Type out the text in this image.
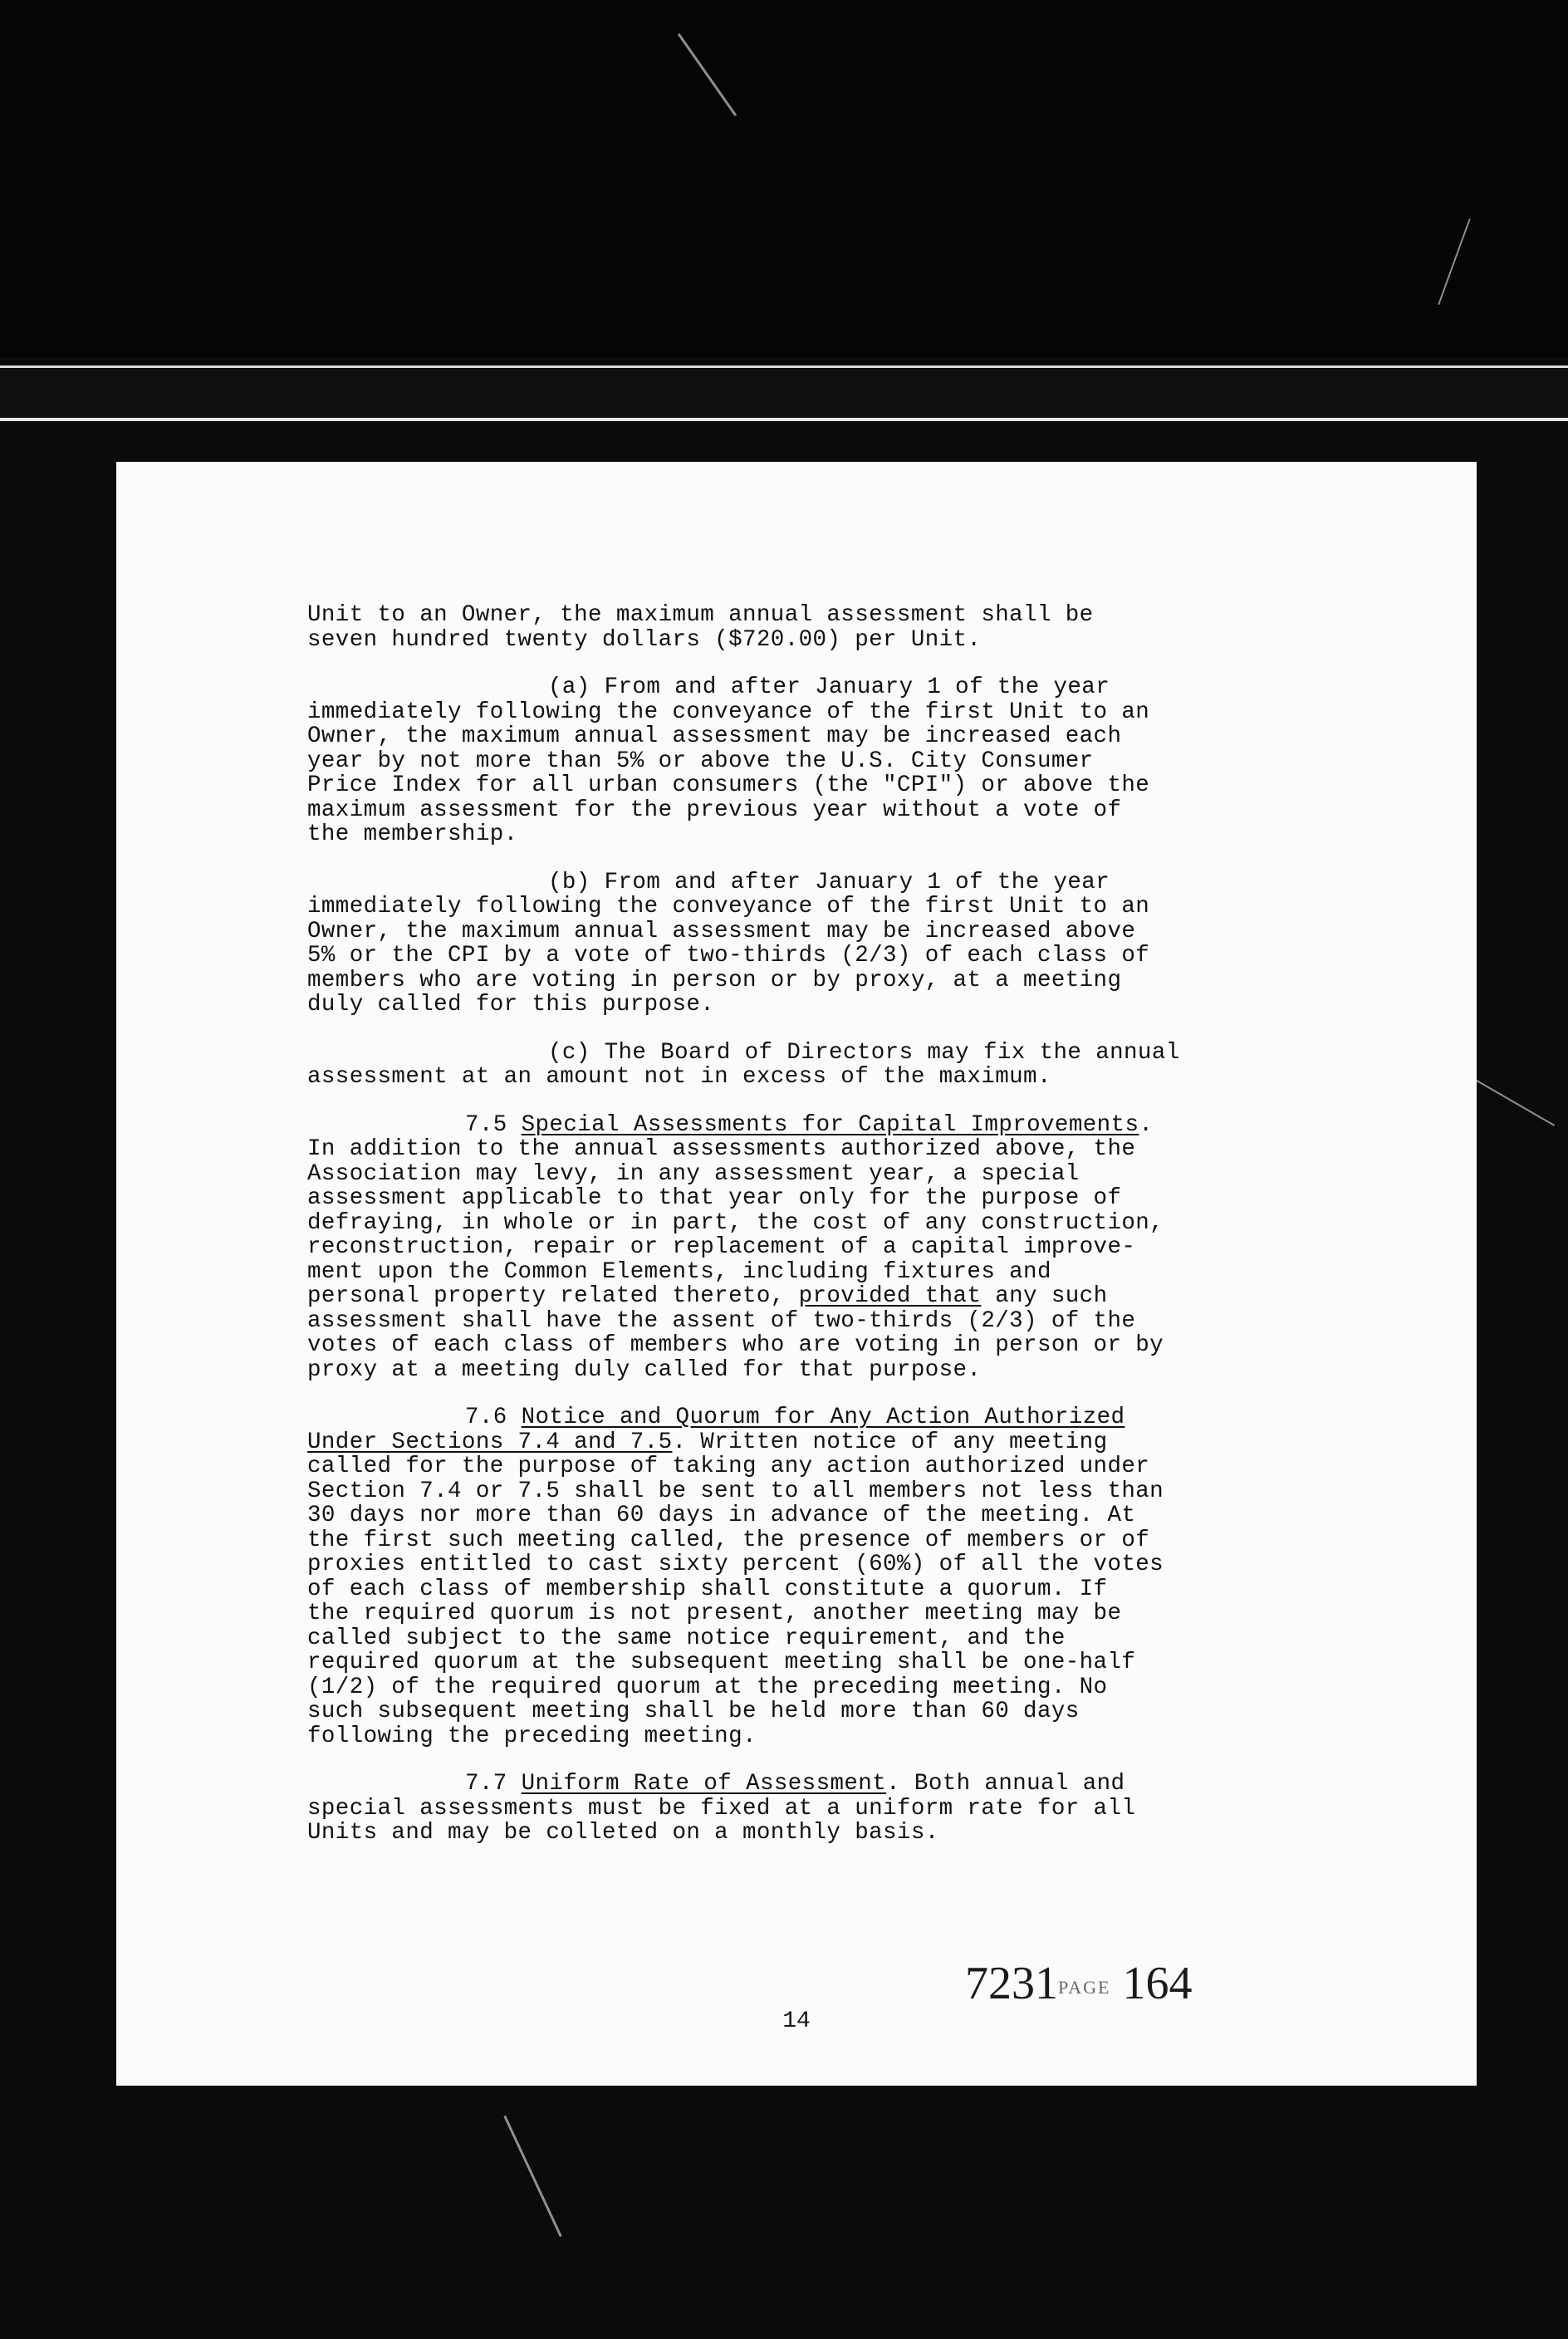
Unit to an Owner, the maximum annual assessment shall be
seven hundred twenty dollars ($720.00) per Unit.

(a) From and after January 1 of the year
immediately following the conveyance of the first Unit to an
Owner, the maximum annual assessment may be increased each
year by not more than 5% or above the U.S. City Consumer
Price Index for all urban consumers (the "CPI") or above the
maximum assessment for the previous year without a vote of
the membership.

(b) From and after January 1 of the year
immediately following the conveyance of the first Unit to an
Owner, the maximum annual assessment may be increased above
5% or the CPI by a vote of two-thirds (2/3) of each class of
members who are voting in person or by proxy, at a meeting
duly called for this purpose.

(c) The Board of Directors may fix the annual
assessment at an amount not in excess of the maximum.

7.5 Special Assessments for Capital Improvements.
In addition to the annual assessments authorized above, the
Association may levy, in any assessment year, a special
assessment applicable to that year only for the purpose of
defraying, in whole or in part, the cost of any construction,
reconstruction, repair or replacement of a capital improve-
ment upon the Common Elements, including fixtures and
personal property related thereto, provided that any such
assessment shall have the assent of two-thirds (2/3) of the
votes of each class of members who are voting in person or by
proxy at a meeting duly called for that purpose.

7.6 Notice and Quorum for Any Action Authorized
Under Sections 7.4 and 7.5. Written notice of any meeting
called for the purpose of taking any action authorized under
Section 7.4 or 7.5 shall be sent to all members not less than
30 days nor more than 60 days in advance of the meeting. At
the first such meeting called, the presence of members or of
proxies entitled to cast sixty percent (60%) of all the votes
of each class of membership shall constitute a quorum. If
the required quorum is not present, another meeting may be
called subject to the same notice requirement, and the
required quorum at the subsequent meeting shall be one-half
(1/2) of the required quorum at the preceding meeting. No
such subsequent meeting shall be held more than 60 days
following the preceding meeting.

7.7 Uniform Rate of Assessment. Both annual and
special assessments must be fixed at a uniform rate for all
Units and may be colleted on a monthly basis.

7231PAGE 164
14
